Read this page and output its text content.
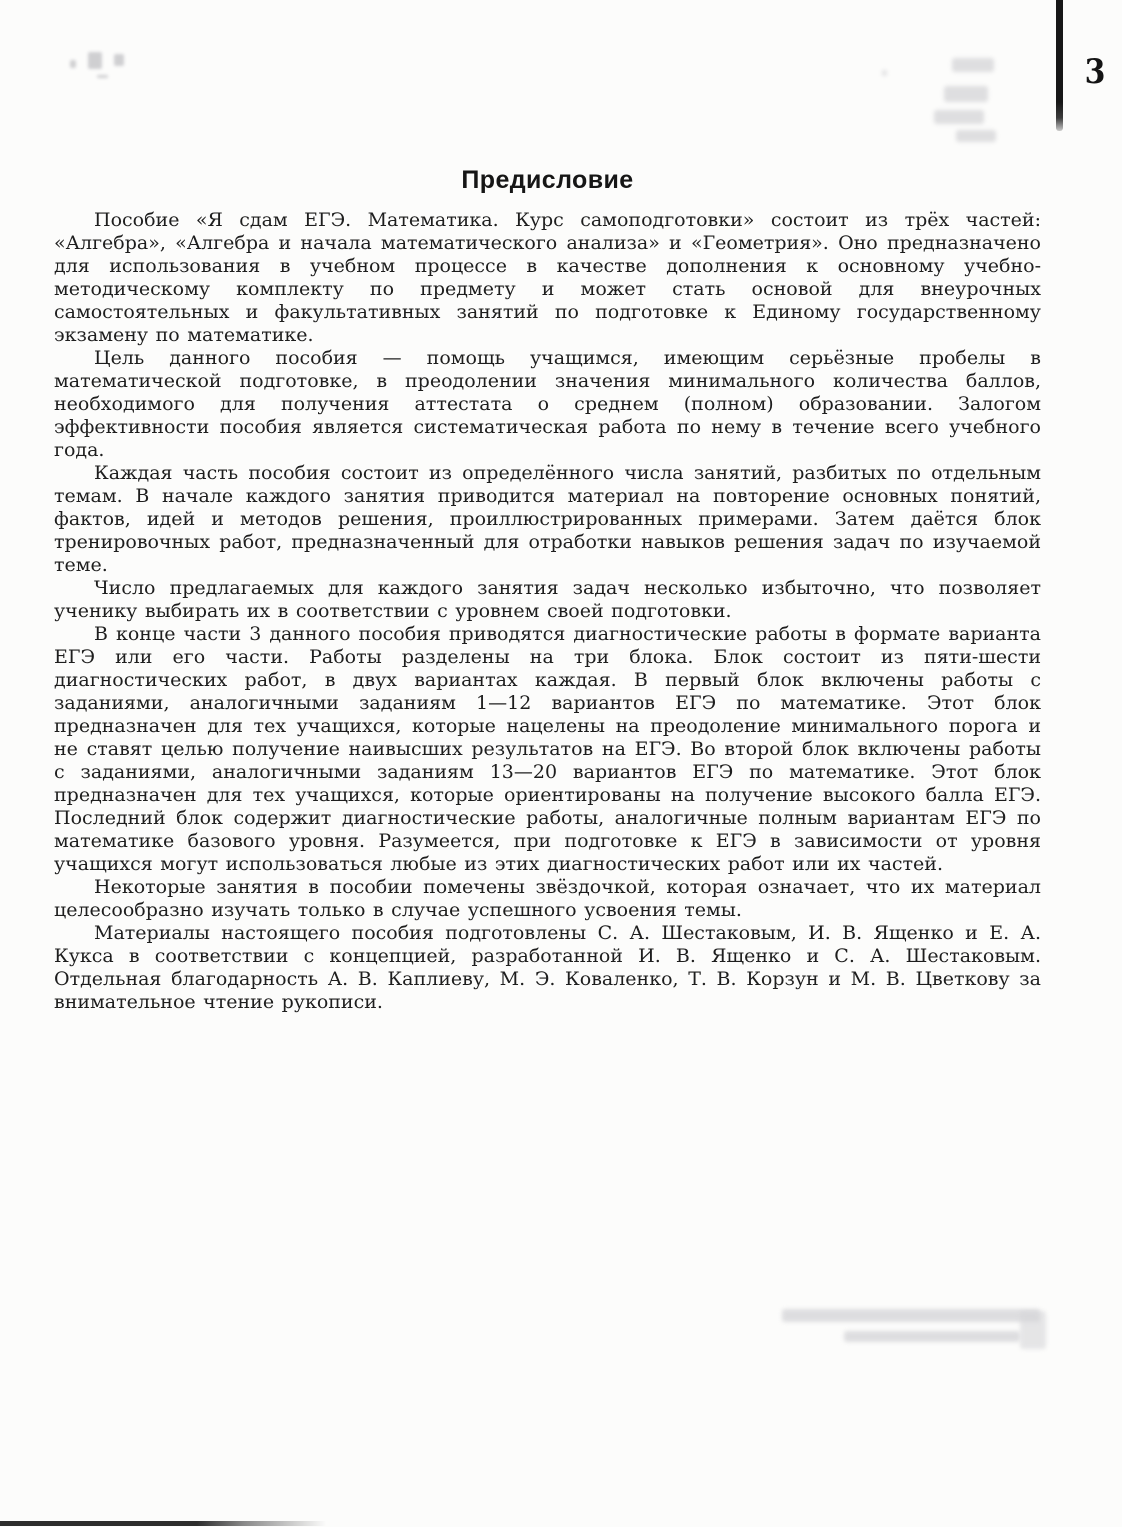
3
Предисловие

Пособие «Я сдам ЕГЭ. Математика. Курс самоподготовки» состоит из трёх частей: «Алгебра», «Алгебра и начала математического анализа» и «Геометрия». Оно предназначено для использования в учебном процессе в качестве дополнения к основному учебно-методическому комплекту по предмету и может стать основой для внеурочных самостоятельных и факультативных занятий по подготовке к Единому государственному экзамену по математике.

Цель данного пособия — помощь учащимся, имеющим серьёзные пробелы в математической подготовке, в преодолении значения минимального количества баллов, необходимого для получения аттестата о среднем (полном) образовании. Залогом эффективности пособия является систематическая работа по нему в течение всего учебного года.

Каждая часть пособия состоит из определённого числа занятий, разбитых по отдельным темам. В начале каждого занятия приводится материал на повторение основных понятий, фактов, идей и методов решения, проиллюстрированных примерами. Затем даётся блок тренировочных работ, предназначенный для отработки навыков решения задач по изучаемой теме.

Число предлагаемых для каждого занятия задач несколько избыточно, что позволяет ученику выбирать их в соответствии с уровнем своей подготовки.

В конце части 3 данного пособия приводятся диагностические работы в формате варианта ЕГЭ или его части. Работы разделены на три блока. Блок состоит из пяти-шести диагностических работ, в двух вариантах каждая. В первый блок включены работы с заданиями, аналогичными заданиям 1—12 вариантов ЕГЭ по математике. Этот блок предназначен для тех учащихся, которые нацелены на преодоление минимального порога и не ставят целью получение наивысших результатов на ЕГЭ. Во второй блок включены работы с заданиями, аналогичными заданиям 13—20 вариантов ЕГЭ по математике. Этот блок предназначен для тех учащихся, которые ориентированы на получение высокого балла ЕГЭ. Последний блок содержит диагностические работы, аналогичные полным вариантам ЕГЭ по математике базового уровня. Разумеется, при подготовке к ЕГЭ в зависимости от уровня учащихся могут использоваться любые из этих диагностических работ или их частей.

Некоторые занятия в пособии помечены звёздочкой, которая означает, что их материал целесообразно изучать только в случае успешного усвоения темы.

Материалы настоящего пособия подготовлены С. А. Шестаковым, И. В. Ященко и Е. А. Кукса в соответствии с концепцией, разработанной И. В. Ященко и С. А. Шестаковым. Отдельная благодарность А. В. Каплиеву, М. Э. Коваленко, Т. В. Корзун и М. В. Цветкову за внимательное чтение рукописи.
